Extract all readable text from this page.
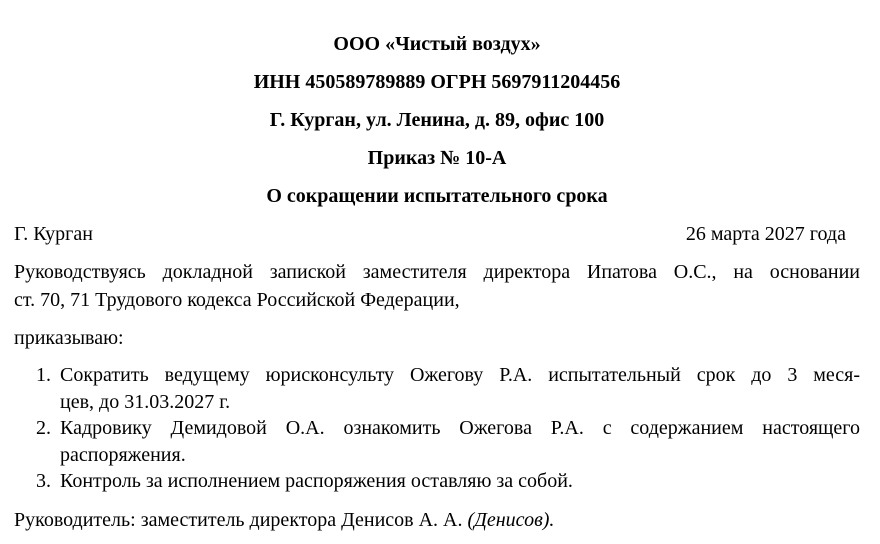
ООО «Чистый воздух»
ИНН 450589789889 ОГРН 5697911204456
Г. Курган, ул. Ленина, д. 89, офис 100
Приказ № 10-А
О сокращении испытательного срока
Г. Курган	26 марта 2027 года
Руководствуясь докладной запиской заместителя директора Ипатова О.С., на основании
ст. 70, 71 Трудового кодекса Российской Федерации,
приказываю:
1. Сократить ведущему юрисконсульту Ожегову Р.А. испытательный срок до 3 меся-
цев, до 31.03.2027 г.
2. Кадровику Демидовой О.А. ознакомить Ожегова Р.А. с содержанием настоящего
распоряжения.
3. Контроль за исполнением распоряжения оставляю за собой.
Руководитель: заместитель директора Денисов А. А. (Денисов).
